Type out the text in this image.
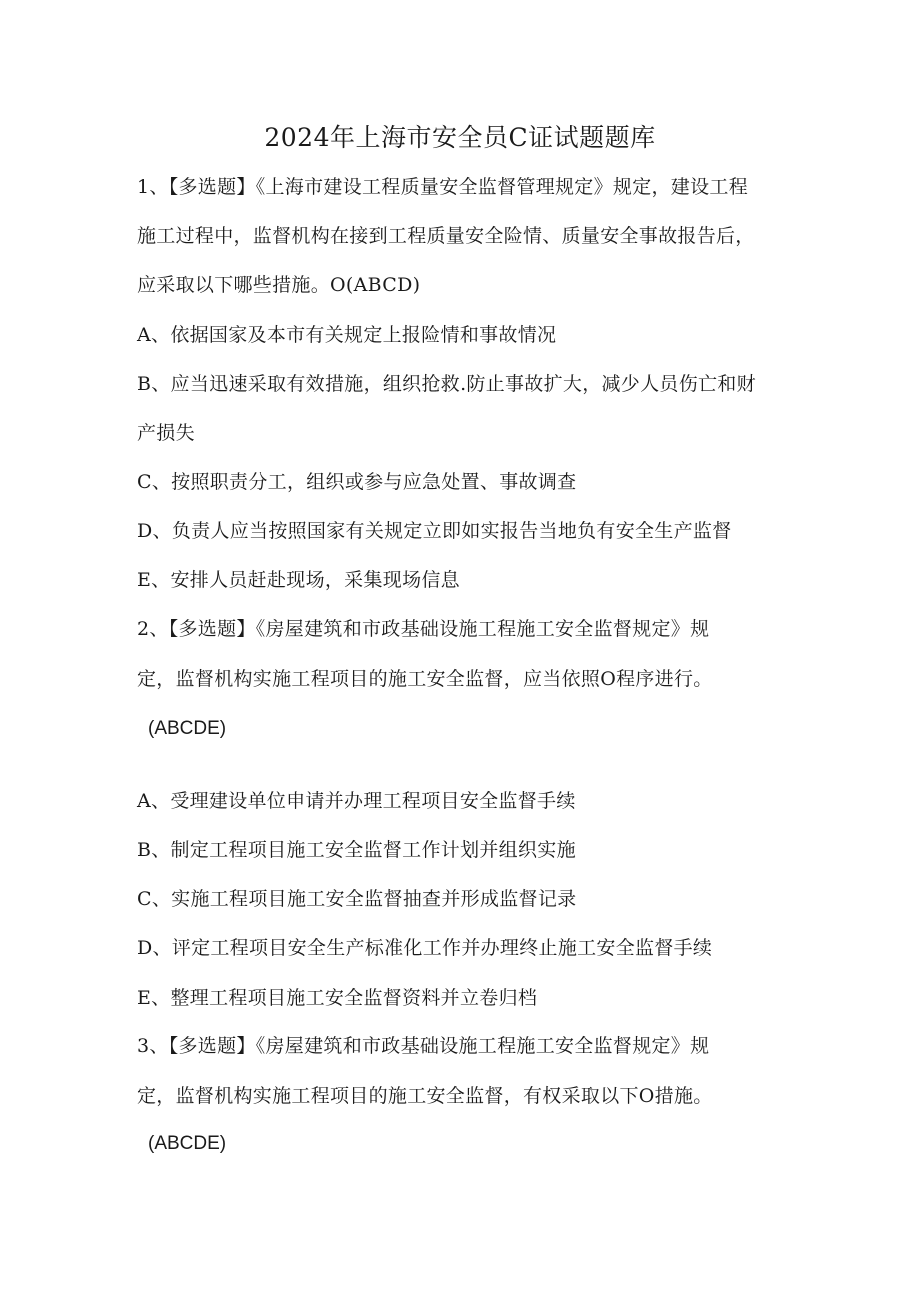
2024年上海市安全员C证试题题库
1、【多选题】《上海市建设工程质量安全监督管理规定》规定，建设工程
施工过程中，监督机构在接到工程质量安全险情、质量安全事故报告后，
应采取以下哪些措施。O(ABCD)
A、依据国家及本市有关规定上报险情和事故情况
B、应当迅速采取有效措施，组织抢救.防止事故扩大，减少人员伤亡和财
产损失
C、按照职责分工，组织或参与应急处置、事故调查
D、负责人应当按照国家有关规定立即如实报告当地负有安全生产监督
E、安排人员赶赴现场，采集现场信息
2、【多选题】《房屋建筑和市政基础设施工程施工安全监督规定》规
定，监督机构实施工程项目的施工安全监督，应当依照O程序进行。
(ABCDE)
A、受理建设单位申请并办理工程项目安全监督手续
B、制定工程项目施工安全监督工作计划并组织实施
C、实施工程项目施工安全监督抽查并形成监督记录
D、评定工程项目安全生产标准化工作并办理终止施工安全监督手续
E、整理工程项目施工安全监督资料并立卷归档
3、【多选题】《房屋建筑和市政基础设施工程施工安全监督规定》规
定，监督机构实施工程项目的施工安全监督，有权采取以下O措施。
(ABCDE)
